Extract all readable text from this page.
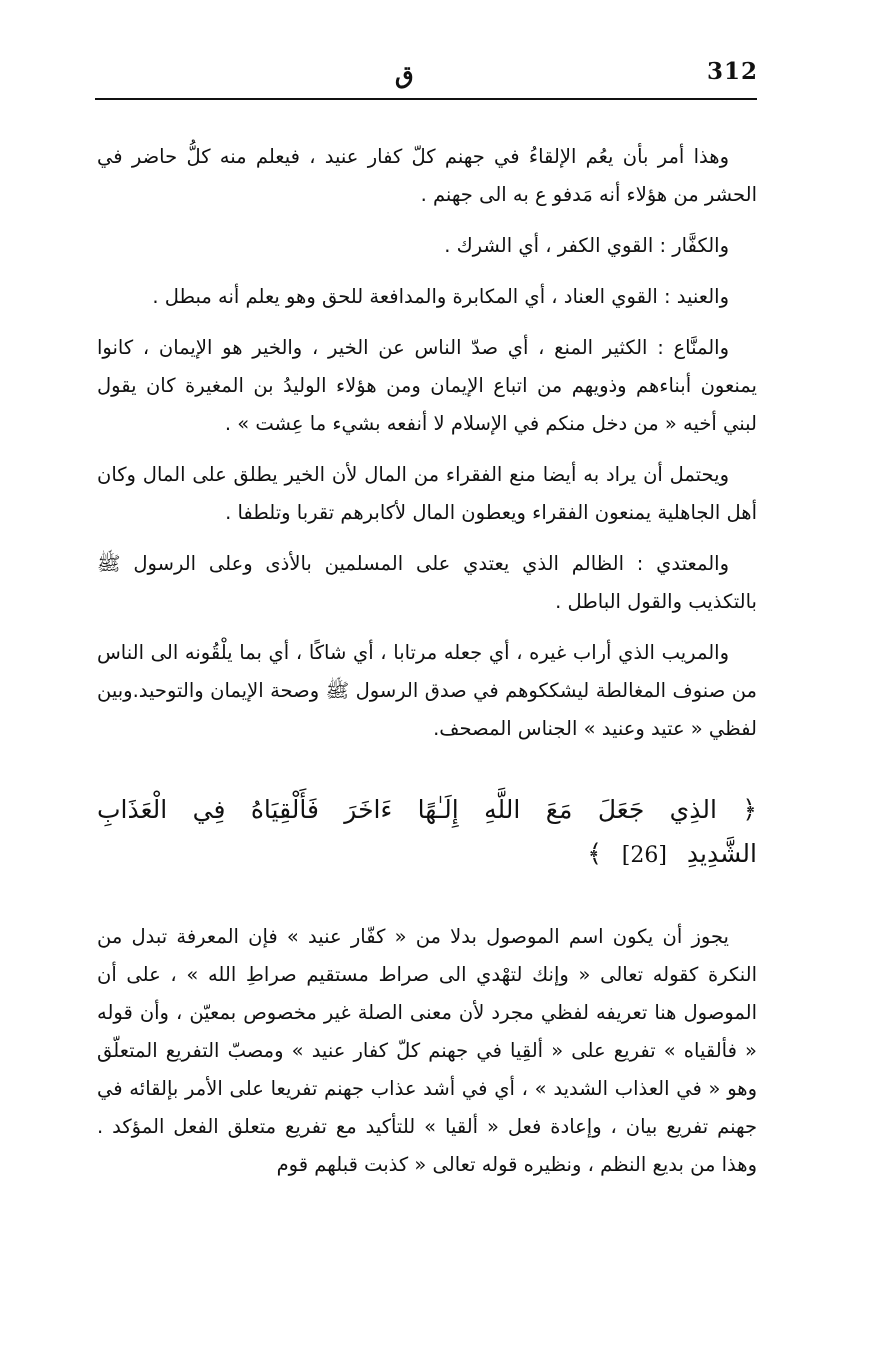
312
ق

وهذا أمر بأن يعُم الإلقاءُ في جهنم كلّ كفار عنيد ، فيعلم منه كلُّ حاضر في الحشر من هؤلاء أنه مَدفو ع به الى جهنم .

والكفَّار : القوي الكفر ، أي الشرك .

والعنيد : القوي العناد ، أي المكابرة والمدافعة للحق وهو يعلم أنه مبطل .

والمنَّاع : الكثير المنع ، أي صدّ الناس عن الخير ، والخير هو الإيمان ، كانوا يمنعون أبناءهم وذويهم من اتباع الإيمان ومن هؤلاء الوليدُ بن المغيرة كان يقول لبني أخيه « من دخل منكم في الإسلام لا أنفعه بشيء ما عِشت » .

ويحتمل أن يراد به أيضا منع الفقراء من المال لأن الخير يطلق على المال وكان أهل الجاهلية يمنعون الفقراء ويعطون المال لأكابرهم تقربا وتلطفا .

والمعتدي : الظالم الذي يعتدي على المسلمين بالأذى وعلى الرسول ﷺ بالتكذيب والقول الباطل .

والمريب الذي أراب غيره ، أي جعله مرتابا ، أي شاكًا ، أي بما يلْقُونه الى الناس من صنوف المغالطة ليشككوهم في صدق الرسول ﷺ وصحة الإيمان والتوحيد.وبين لفظي « عتيد وعنيد » الجناس المصحف.

﴿ الذِي جَعَلَ مَعَ اللَّهِ إِلَـٰهًا ءَاخَرَ فَأَلْقِيَاهُ فِي الْعَذَابِ الشَّدِيدِ [26] ﴾

يجوز أن يكون اسم الموصول بدلا من « كفّار عنيد » فإن المعرفة تبدل من النكرة كقوله تعالى « وإنك لتهْدي الى صراط مستقيم صراطِ الله » ، على أن الموصول هنا تعريفه لفظي مجرد لأن معنى الصلة غير مخصوص بمعيّن ، وأن قوله « فألقياه » تفريع على « ألقِيا في جهنم كلّ كفار عنيد » ومصبّ التفريع المتعلّق وهو « في العذاب الشديد » ، أي في أشد عذاب جهنم تفريعا على الأمر بإلقائه في جهنم تفريع بيان ، وإعادة فعل « ألقيا » للتأكيد مع تفريع متعلق الفعل المؤكد . وهذا من بديع النظم ، ونظيره قوله تعالى « كذبت قبلهم قوم
